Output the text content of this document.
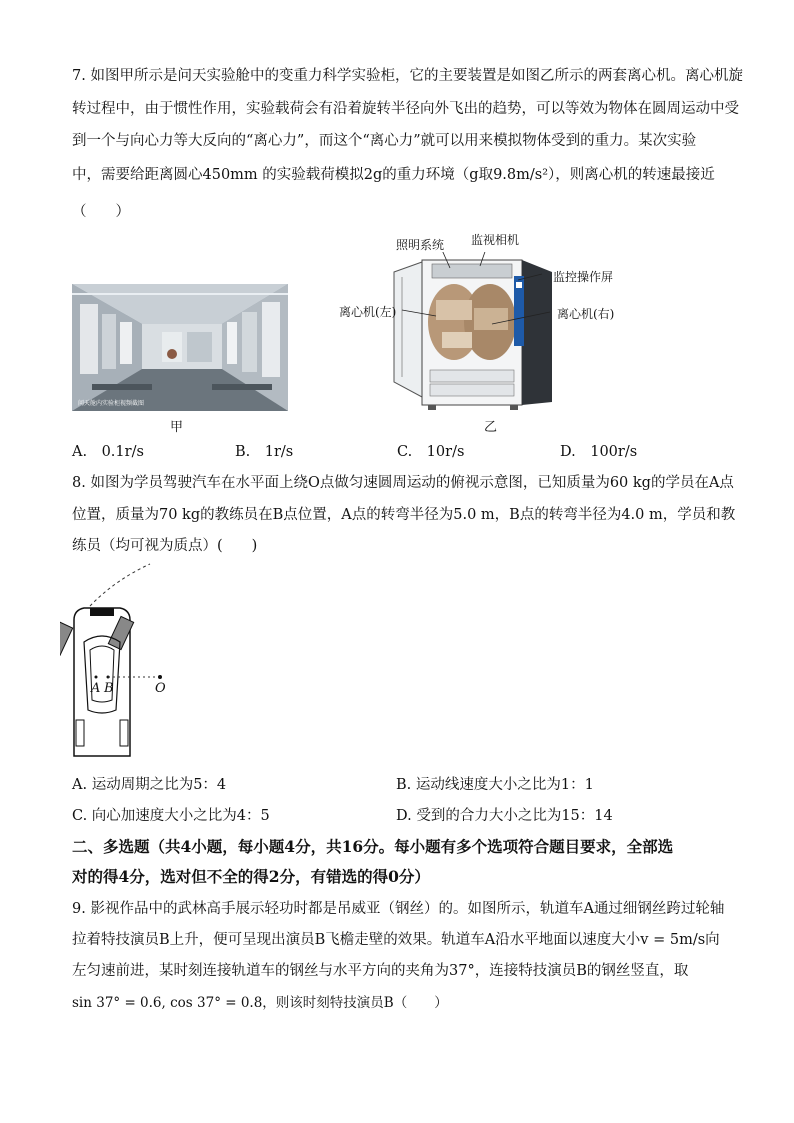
7. 如图甲所示是问天实验舱中的变重力科学实验柜，它的主要装置是如图乙所示的两套离心机。离心机旋
转过程中，由于惯性作用，实验载荷会有沿着旋转半径向外飞出的趋势，可以等效为物体在圆周运动中受
到一个与向心力等大反向的“离心力”，而这个“离心力”就可以用来模拟物体受到的重力。某次实验
中，需要给距离圆心450mm 的实验载荷模拟2g的重力环境（g取9.8m/s²），则离心机的转速最接近
（　　）
问天舱内实验柜视频截图
甲
照明系统 监视相机
监控操作屏
离心机(左)	离心机(右)
乙
A.　0.1r/s	B.　1r/s	C.　10r/s	D.　100r/s
8. 如图为学员驾驶汽车在水平面上绕O点做匀速圆周运动的俯视示意图，已知质量为60 kg的学员在A点
位置，质量为70 kg的教练员在B点位置，A点的转弯半径为5.0 m，B点的转弯半径为4.0 m，学员和教
练员（均可视为质点）(　　)
A B	O
A. 运动周期之比为5：4	B. 运动线速度大小之比为1：1
C. 向心加速度大小之比为4：5	D. 受到的合力大小之比为15：14
二、多选题（共4小题，每小题4分，共16分。每小题有多个选项符合题目要求，全部选
对的得4分，选对但不全的得2分，有错选的得0分）
9. 影视作品中的武林高手展示轻功时都是吊威亚（钢丝）的。如图所示，轨道车A通过细钢丝跨过轮轴
拉着特技演员B上升，便可呈现出演员B飞檐走壁的效果。轨道车A沿水平地面以速度大小v = 5m/s向
左匀速前进，某时刻连接轨道车的钢丝与水平方向的夹角为37°，连接特技演员B的钢丝竖直，取
sin 37° = 0.6, cos 37° = 0.8，则该时刻特技演员B（　　）
